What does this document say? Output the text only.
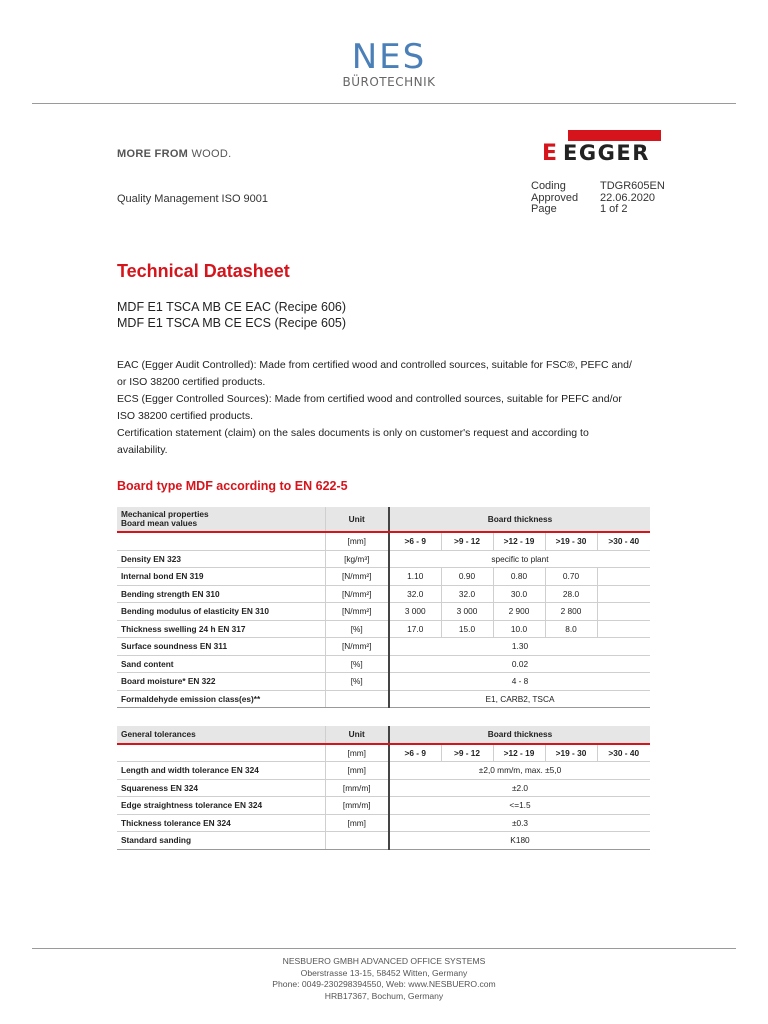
NES
BÜROTECHNIK
MORE FROM WOOD.	E EGGER
Quality Management ISO 9001
Coding	TDGR605EN
Approved	22.06.2020
Page	1 of 2
Technical Datasheet
MDF E1 TSCA MB CE EAC (Recipe 606)
MDF E1 TSCA MB CE ECS (Recipe 605)
EAC (Egger Audit Controlled): Made from certified wood and controlled sources, suitable for FSC®, PEFC and/
or ISO 38200 certified products.
ECS (Egger Controlled Sources): Made from certified wood and controlled sources, suitable for PEFC and/or
ISO 38200 certified products.
Certification statement (claim) on the sales documents is only on customer's request and according to
availability.
Board type MDF according to EN 622-5
Mechanical properties
Board mean values	Unit	Board thickness				
	[mm]	>6 - 9	>9 - 12	>12 - 19	>19 - 30	>30 - 40
Density EN 323	[kg/m³]	specific to plant				
Internal bond EN 319	[N/mm²]	1.10	0.90	0.80	0.70	
Bending strength EN 310	[N/mm²]	32.0	32.0	30.0	28.0	
Bending modulus of elasticity EN 310	[N/mm²]	3 000	3 000	2 900	2 800	
Thickness swelling 24 h EN 317	[%]	17.0	15.0	10.0	8.0	
Surface soundness EN 311	[N/mm²]	1.30				
Sand content	[%]	0.02				
Board moisture* EN 322	[%]	4 - 8				
Formaldehyde emission class(es)**		E1, CARB2, TSCA				
General tolerances	Unit	Board thickness				
	[mm]	>6 - 9	>9 - 12	>12 - 19	>19 - 30	>30 - 40
Length and width tolerance EN 324	[mm]	±2,0 mm/m, max. ±5,0				
Squareness EN 324	[mm/m]	±2.0				
Edge straightness tolerance EN 324	[mm/m]	<=1.5				
Thickness tolerance EN 324	[mm]	±0.3				
Standard sanding		K180				
NESBUERO GMBH ADVANCED OFFICE SYSTEMS
Oberstrasse 13-15, 58452 Witten, Germany
Phone: 0049-230298394550, Web: www.NESBUERO.com
HRB17367, Bochum, Germany
